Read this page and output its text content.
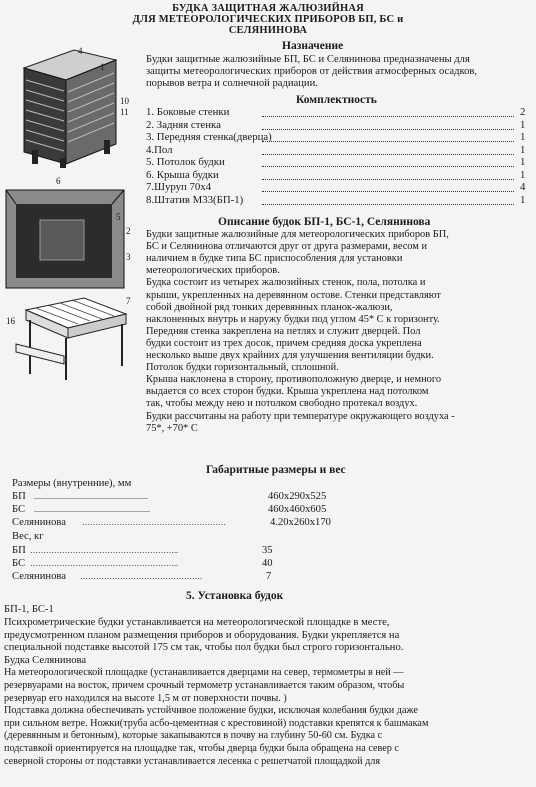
БУДКА ЗАЩИТНАЯ ЖАЛЮЗИЙНАЯ
ДЛЯ МЕТЕОРОЛОГИЧЕСКИХ ПРИБОРОВ БП, БС и
СЕЛЯНИНОВА
4
1
10
11
6
2
5
3
16
7
Назначение
Будки защитные жалюзийные БП, БС и Селянинова предназначены для
защиты метеорологических приборов от действия атмосферных осадков,
порывов ветра и солнечной радиации.
Комплектность
Описание будок БП-1, БС-1, Селянинова
Габаритные размеры и вес
Размеры (внутренние), мм
5. Установка будок
БП-1, БС-1
1. Боковые стенки	2
2. Задняя стенка	1
3. Передняя стенка(дверца)	1
4.Пол	1
5. Потолок будки	1
6. Крыша будки	1
7.Шуруп 70х4	4
8.Штатив М33(БП-1)	1
Будки защитные жалюзийные для метеорологических приборов БП,
БС и Селянинова отличаются друг от друга размерами, весом и
наличием в будке типа БС приспособления для установки
метеорологических приборов.
Будка состоит из четырех жалюзийных стенок, пола, потолка и
крыши, укрепленных на деревянном остове. Стенки представляют
собой двойной ряд тонких деревянных планок-жалюзи,
наклоненных внутрь и наружу будки под углом 45* С к горизонту.
Передняя стенка закреплена на петлях и служит дверцей. Пол
будки состоит из трех досок, причем средняя доска укреплена
несколько выше двух крайних для улучшения вентиляции будки.
Потолок будки горизонтальный, сплошной.
Крыша наклонена в сторону, противоположную дверце, и немного
выдается со всех сторон будки. Крыша укреплена над потолком
так, чтобы между нею и потолком свободно протекал воздух.
Будки рассчитаны на работу при температуре окружающего воздуха -
75*, +70* С
БП .........................................................	460х290х525
БС ..........................................................	460х460х605
Селянинова ………………………………………………	4.20х260х170
Вес, кг
БП ………………………………………………..	35
БС ………………………………………………..	40
Селянинова ……………………………………….	7
Психрометрические будки устанавливается на метеорологической площадке в месте,
предусмотренном планом размещения приборов и оборудования. Будки укрепляется на
специальной подставке высотой 175 см так, чтобы пол будки был строго горизонтально.
Будка Селянинова
На метеорологической площадке (устанавливается дверцами на север, термометры в ней —
резервуарами на восток, причем срочный термометр устанавливается таким образом, чтобы
резервуар его находился на высоте 1,5 м от поверхности почвы. )
Подставка должна обеспечивать устойчивое положение будки, исключая колебания будки даже
при сильном ветре. Ножки(труба асбо-цементная с крестовиной) подставки крепятся к башмакам
(деревянным и бетонным), которые закапываются в почву на глубину 50-60 см. Будка с
подставкой ориентируется на площадке так, чтобы дверца будки была обращена на север с
северной стороны от подставки устанавливается лесенка с решетчатой площадкой для
